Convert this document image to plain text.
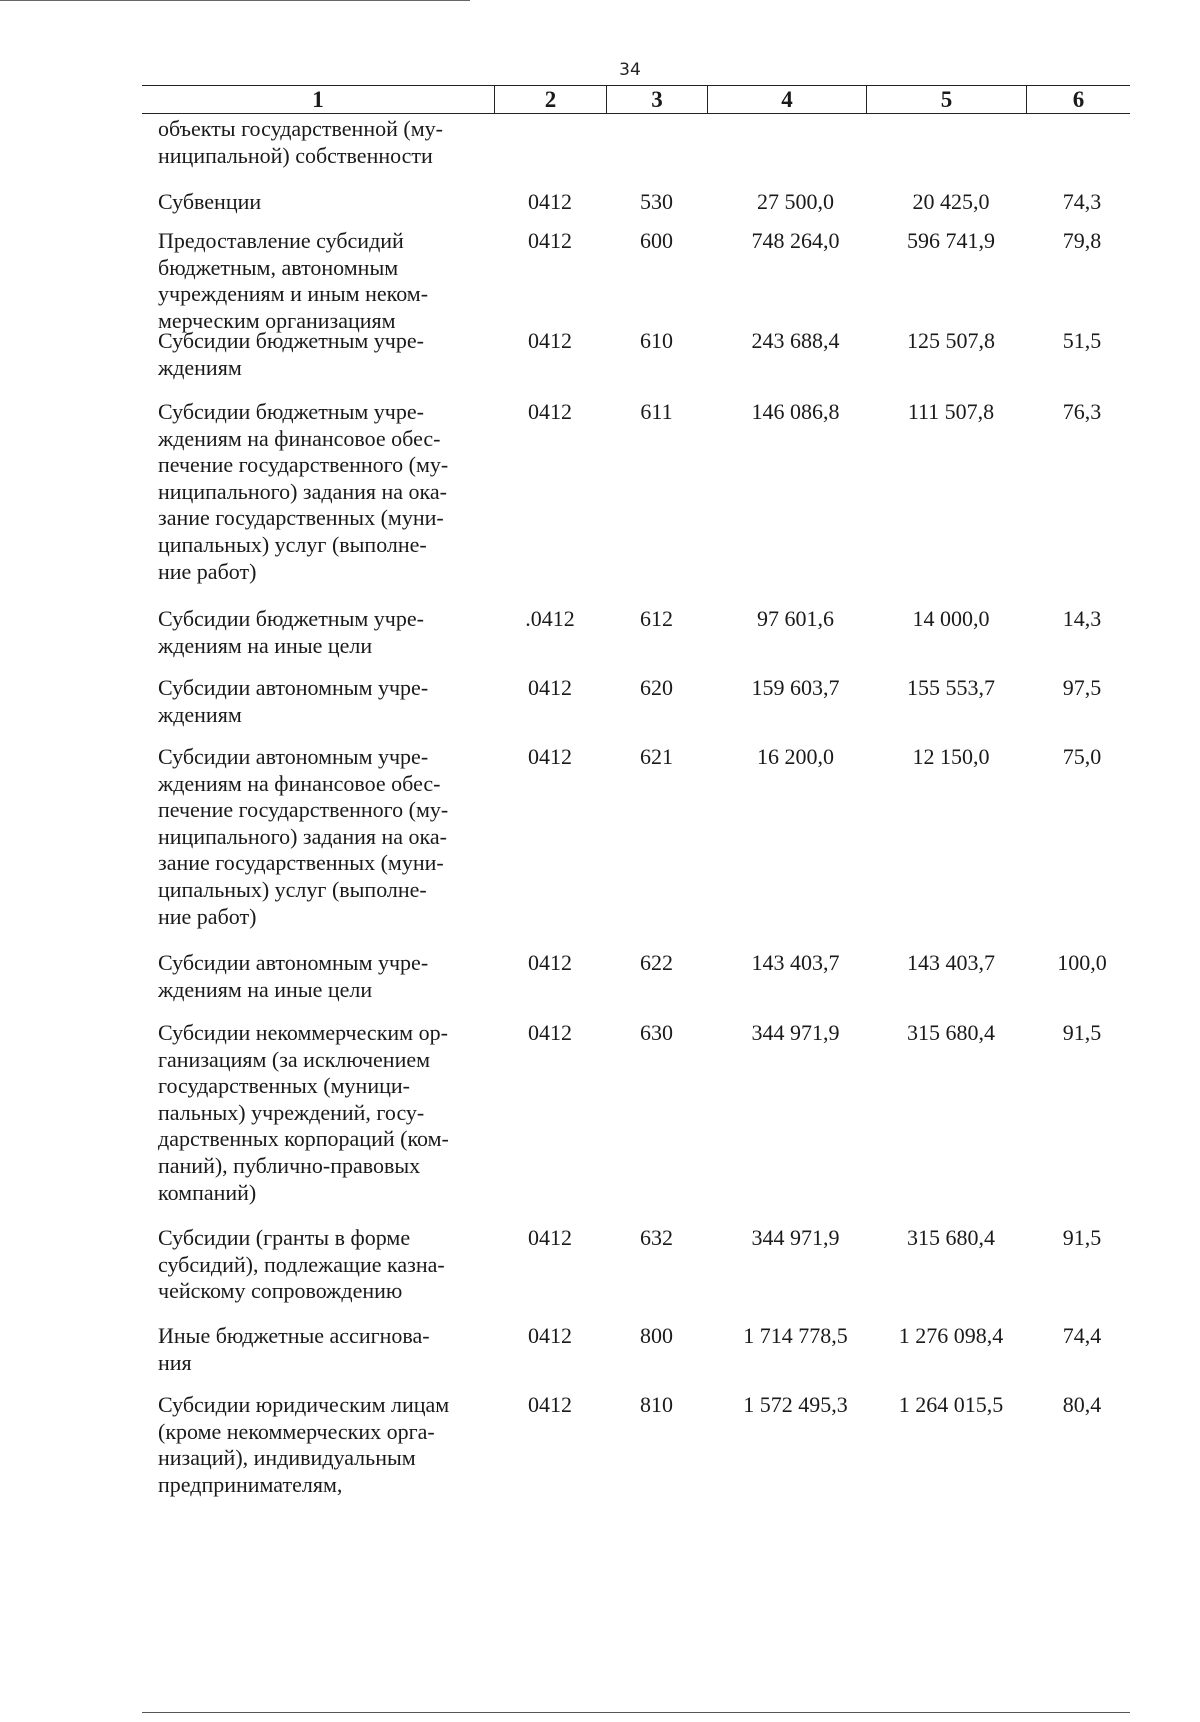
34
1	2	3	4	5	6
объекты государственной (му-
ниципальной) собственности
Субвенции	0412	530	27 500,0	20 425,0	74,3
Предоставление субсидий
бюджетным, автономным
учреждениям и иным неком-
мерческим организациям
0412	600	748 264,0	596 741,9	79,8
Субсидии бюджетным учре-
ждениям
0412	610	243 688,4	125 507,8	51,5
Субсидии бюджетным учре-
ждениям на финансовое обес-
печение государственного (му-
ниципального) задания на ока-
зание государственных (муни-
ципальных) услуг (выполне-
ние работ)
0412	611	146 086,8	111 507,8	76,3
Субсидии бюджетным учре-
ждениям на иные цели
.0412	612	97 601,6	14 000,0	14,3
Субсидии автономным учре-
ждениям
0412	620	159 603,7	155 553,7	97,5
Субсидии автономным учре-
ждениям на финансовое обес-
печение государственного (му-
ниципального) задания на ока-
зание государственных (муни-
ципальных) услуг (выполне-
ние работ)
0412	621	16 200,0	12 150,0	75,0
Субсидии автономным учре-
ждениям на иные цели
0412	622	143 403,7	143 403,7	100,0
Субсидии некоммерческим ор-
ганизациям (за исключением
государственных (муници-
пальных) учреждений, госу-
дарственных корпораций (ком-
паний), публично-правовых
компаний)
0412	630	344 971,9	315 680,4	91,5
Субсидии (гранты в форме
субсидий), подлежащие казна-
чейскому сопровождению
0412	632	344 971,9	315 680,4	91,5
Иные бюджетные ассигнова-
ния
0412	800	1 714 778,5	1 276 098,4	74,4
Субсидии юридическим лицам
(кроме некоммерческих орга-
низаций), индивидуальным
предпринимателям,
0412	810	1 572 495,3	1 264 015,5	80,4
